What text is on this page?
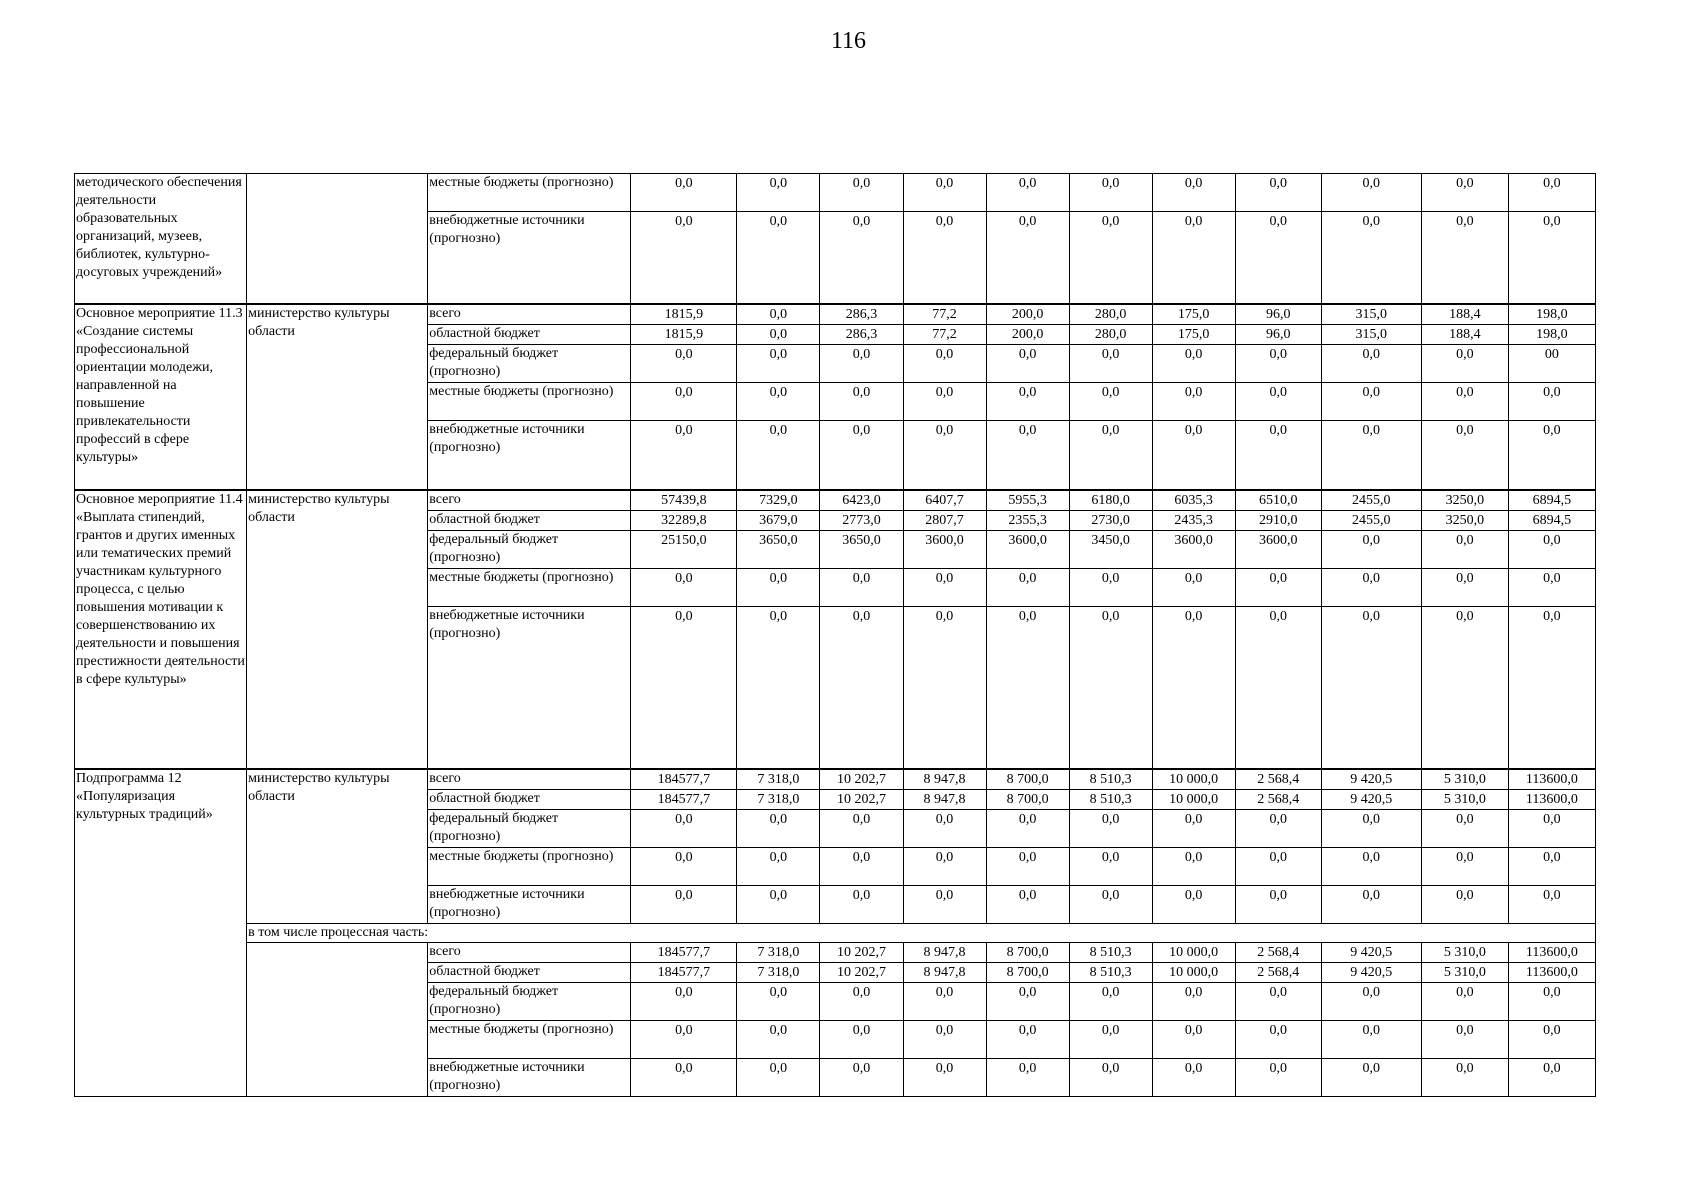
116
методического обеспечения деятельности образовательных организаций, музеев, библиотек, культурно-досуговых учреждений»		местные бюджеты (прогнозно)	0,0	0,0	0,0	0,0	0,0	0,0	0,0	0,0	0,0	0,0	0,0
		внебюджетные источники (прогнозно)	0,0	0,0	0,0	0,0	0,0	0,0	0,0	0,0	0,0	0,0	0,0
Основное мероприятие 11.3 «Создание системы профессиональной ориентации молодежи, направленной на повышение привлекательности профессий в сфере культуры»	министерство культуры области	всего	1815,9	0,0	286,3	77,2	200,0	280,0	175,0	96,0	315,0	188,4	198,0
		областной бюджет	1815,9	0,0	286,3	77,2	200,0	280,0	175,0	96,0	315,0	188,4	198,0
		федеральный бюджет (прогнозно)	0,0	0,0	0,0	0,0	0,0	0,0	0,0	0,0	0,0	0,0	00
		местные бюджеты (прогнозно)	0,0	0,0	0,0	0,0	0,0	0,0	0,0	0,0	0,0	0,0	0,0
		внебюджетные источники (прогнозно)	0,0	0,0	0,0	0,0	0,0	0,0	0,0	0,0	0,0	0,0	0,0
Основное мероприятие 11.4 «Выплата стипендий, грантов и других именных или тематических премий участникам культурного процесса, с целью повышения мотивации к совершенствованию их деятельности и повышения престижности деятельности в сфере культуры»	министерство культуры области	всего	57439,8	7329,0	6423,0	6407,7	5955,3	6180,0	6035,3	6510,0	2455,0	3250,0	6894,5
		областной бюджет	32289,8	3679,0	2773,0	2807,7	2355,3	2730,0	2435,3	2910,0	2455,0	3250,0	6894,5
		федеральный бюджет (прогнозно)	25150,0	3650,0	3650,0	3600,0	3600,0	3450,0	3600,0	3600,0	0,0	0,0	0,0
		местные бюджеты (прогнозно)	0,0	0,0	0,0	0,0	0,0	0,0	0,0	0,0	0,0	0,0	0,0
		внебюджетные источники (прогнозно)	0,0	0,0	0,0	0,0	0,0	0,0	0,0	0,0	0,0	0,0	0,0
Подпрограмма 12 «Популяризация культурных традиций»	министерство культуры области	всего	184577,7	7 318,0	10 202,7	8 947,8	8 700,0	8 510,3	10 000,0	2 568,4	9 420,5	5 310,0	113600,0
		областной бюджет	184577,7	7 318,0	10 202,7	8 947,8	8 700,0	8 510,3	10 000,0	2 568,4	9 420,5	5 310,0	113600,0
		федеральный бюджет (прогнозно)	0,0	0,0	0,0	0,0	0,0	0,0	0,0	0,0	0,0	0,0	0,0
		местные бюджеты (прогнозно)	0,0	0,0	0,0	0,0	0,0	0,0	0,0	0,0	0,0	0,0	0,0
		внебюджетные источники (прогнозно)	0,0	0,0	0,0	0,0	0,0	0,0	0,0	0,0	0,0	0,0	0,0
	в том числе процессная часть:												
		всего	184577,7	7 318,0	10 202,7	8 947,8	8 700,0	8 510,3	10 000,0	2 568,4	9 420,5	5 310,0	113600,0
		областной бюджет	184577,7	7 318,0	10 202,7	8 947,8	8 700,0	8 510,3	10 000,0	2 568,4	9 420,5	5 310,0	113600,0
		федеральный бюджет (прогнозно)	0,0	0,0	0,0	0,0	0,0	0,0	0,0	0,0	0,0	0,0	0,0
		местные бюджеты (прогнозно)	0,0	0,0	0,0	0,0	0,0	0,0	0,0	0,0	0,0	0,0	0,0
		внебюджетные источники (прогнозно)	0,0	0,0	0,0	0,0	0,0	0,0	0,0	0,0	0,0	0,0	0,0
